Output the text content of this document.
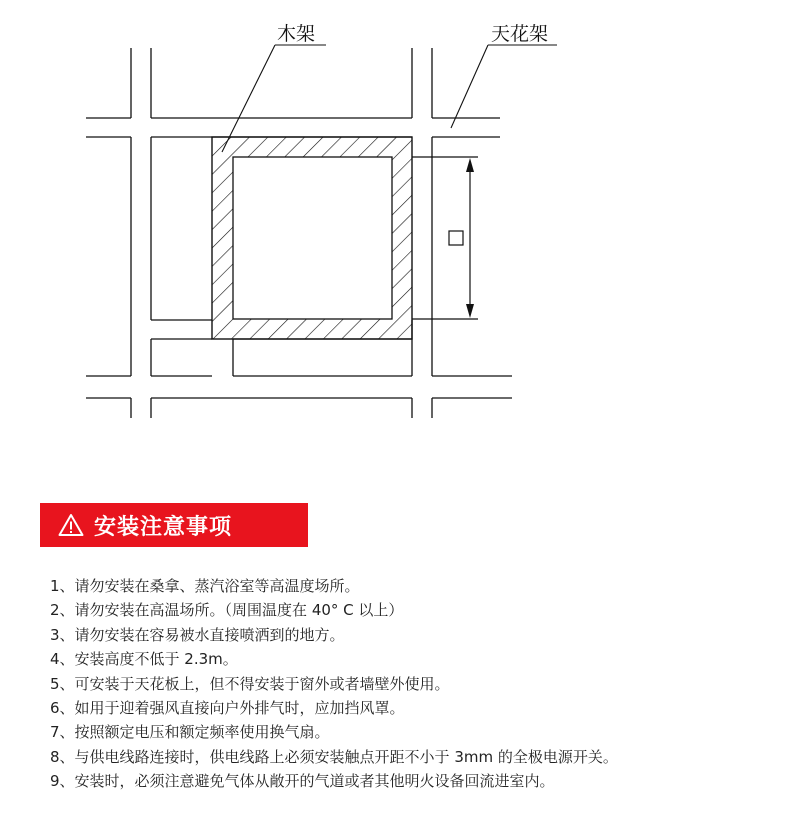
木架	天花架
安装注意事项
1、请勿安装在桑拿、蒸汽浴室等高温度场所。
2、请勿安装在高温场所。（周围温度在 40° C 以上）
3、请勿安装在容易被水直接喷洒到的地方。
4、安装高度不低于 2.3m。
5、可安装于天花板上，但不得安装于窗外或者墙壁外使用。
6、如用于迎着强风直接向户外排气时，应加挡风罩。
7、按照额定电压和额定频率使用换气扇。
8、与供电线路连接时，供电线路上必须安装触点开距不小于 3mm 的全极电源开关。
9、安装时，必须注意避免气体从敞开的气道或者其他明火设备回流进室内。
